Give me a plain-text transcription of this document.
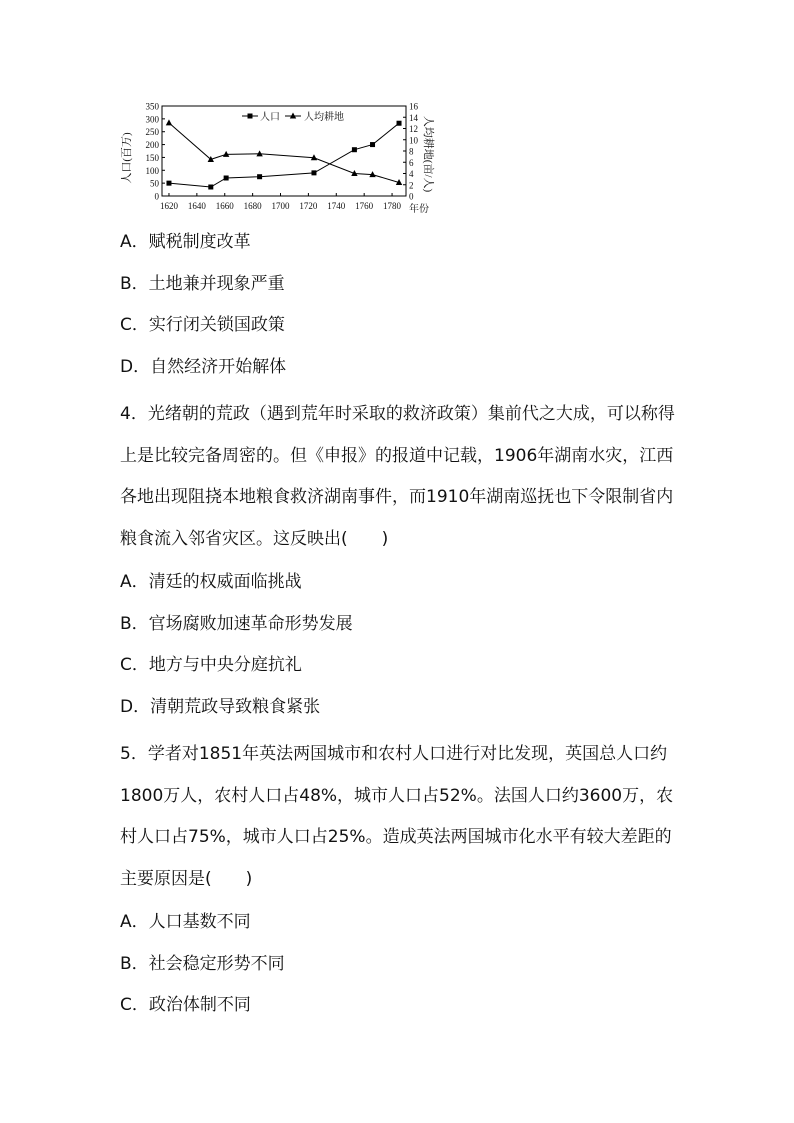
1620 1640 1660 1680 1700 1720 1740 1760 1780
0
50
100
150
200
250
300
350
0
2
4
6
8
10
12
14
16
人口 人均耕地
人口(百万)	人均耕地(亩/人)
年份
A．赋税制度改革
B．土地兼并现象严重
C．实行闭关锁国政策
D．自然经济开始解体

4．光绪朝的荒政（遇到荒年时采取的救济政策）集前代之大成，可以称得上是比较完备周密的。但《申报》的报道中记载，1906年湖南水灾，江西各地出现阻挠本地粮食救济湖南事件，而1910年湖南巡抚也下令限制省内粮食流入邻省灾区。这反映出(　　)

A．清廷的权威面临挑战
B．官场腐败加速革命形势发展
C．地方与中央分庭抗礼
D．清朝荒政导致粮食紧张

5．学者对1851年英法两国城市和农村人口进行对比发现，英国总人口约1800万人，农村人口占48%，城市人口占52%。法国人口约3600万，农村人口占75%，城市人口占25%。造成英法两国城市化水平有较大差距的主要原因是(　　)

A．人口基数不同
B．社会稳定形势不同
C．政治体制不同
